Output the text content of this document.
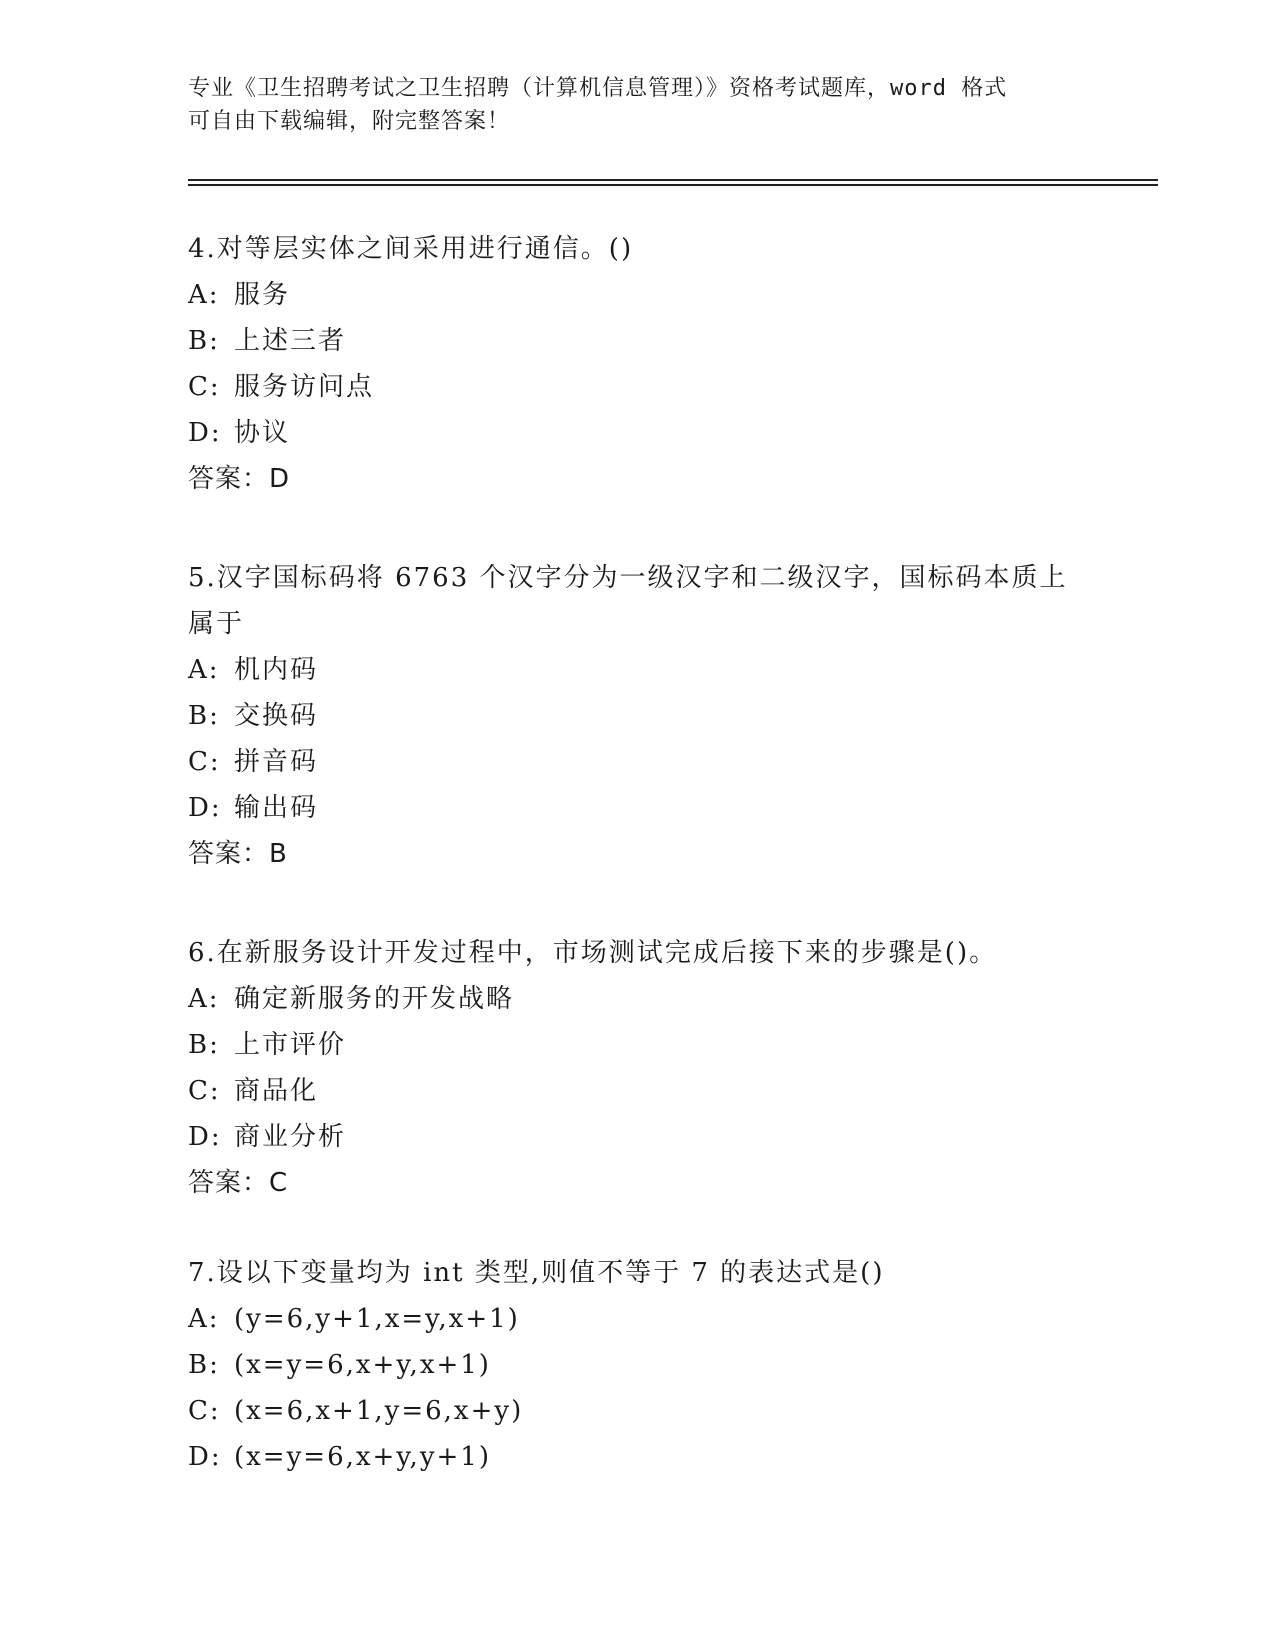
专业《卫生招聘考试之卫生招聘（计算机信息管理）》资格考试题库，word 格式
可自由下载编辑，附完整答案！
4.对等层实体之间采用进行通信。()
A: 服务
B: 上述三者
C: 服务访问点
D: 协议
答案：D
5.汉字国标码将 6763 个汉字分为一级汉字和二级汉字，国标码本质上
属于
A: 机内码
B: 交换码
C: 拼音码
D: 输出码
答案：B
6.在新服务设计开发过程中，市场测试完成后接下来的步骤是()。
A: 确定新服务的开发战略
B: 上市评价
C: 商品化
D: 商业分析
答案：C
7.设以下变量均为 int 类型,则值不等于 7 的表达式是()
A: (y=6,y+1,x=y,x+1)
B: (x=y=6,x+y,x+1)
C: (x=6,x+1,y=6,x+y)
D: (x=y=6,x+y,y+1)
